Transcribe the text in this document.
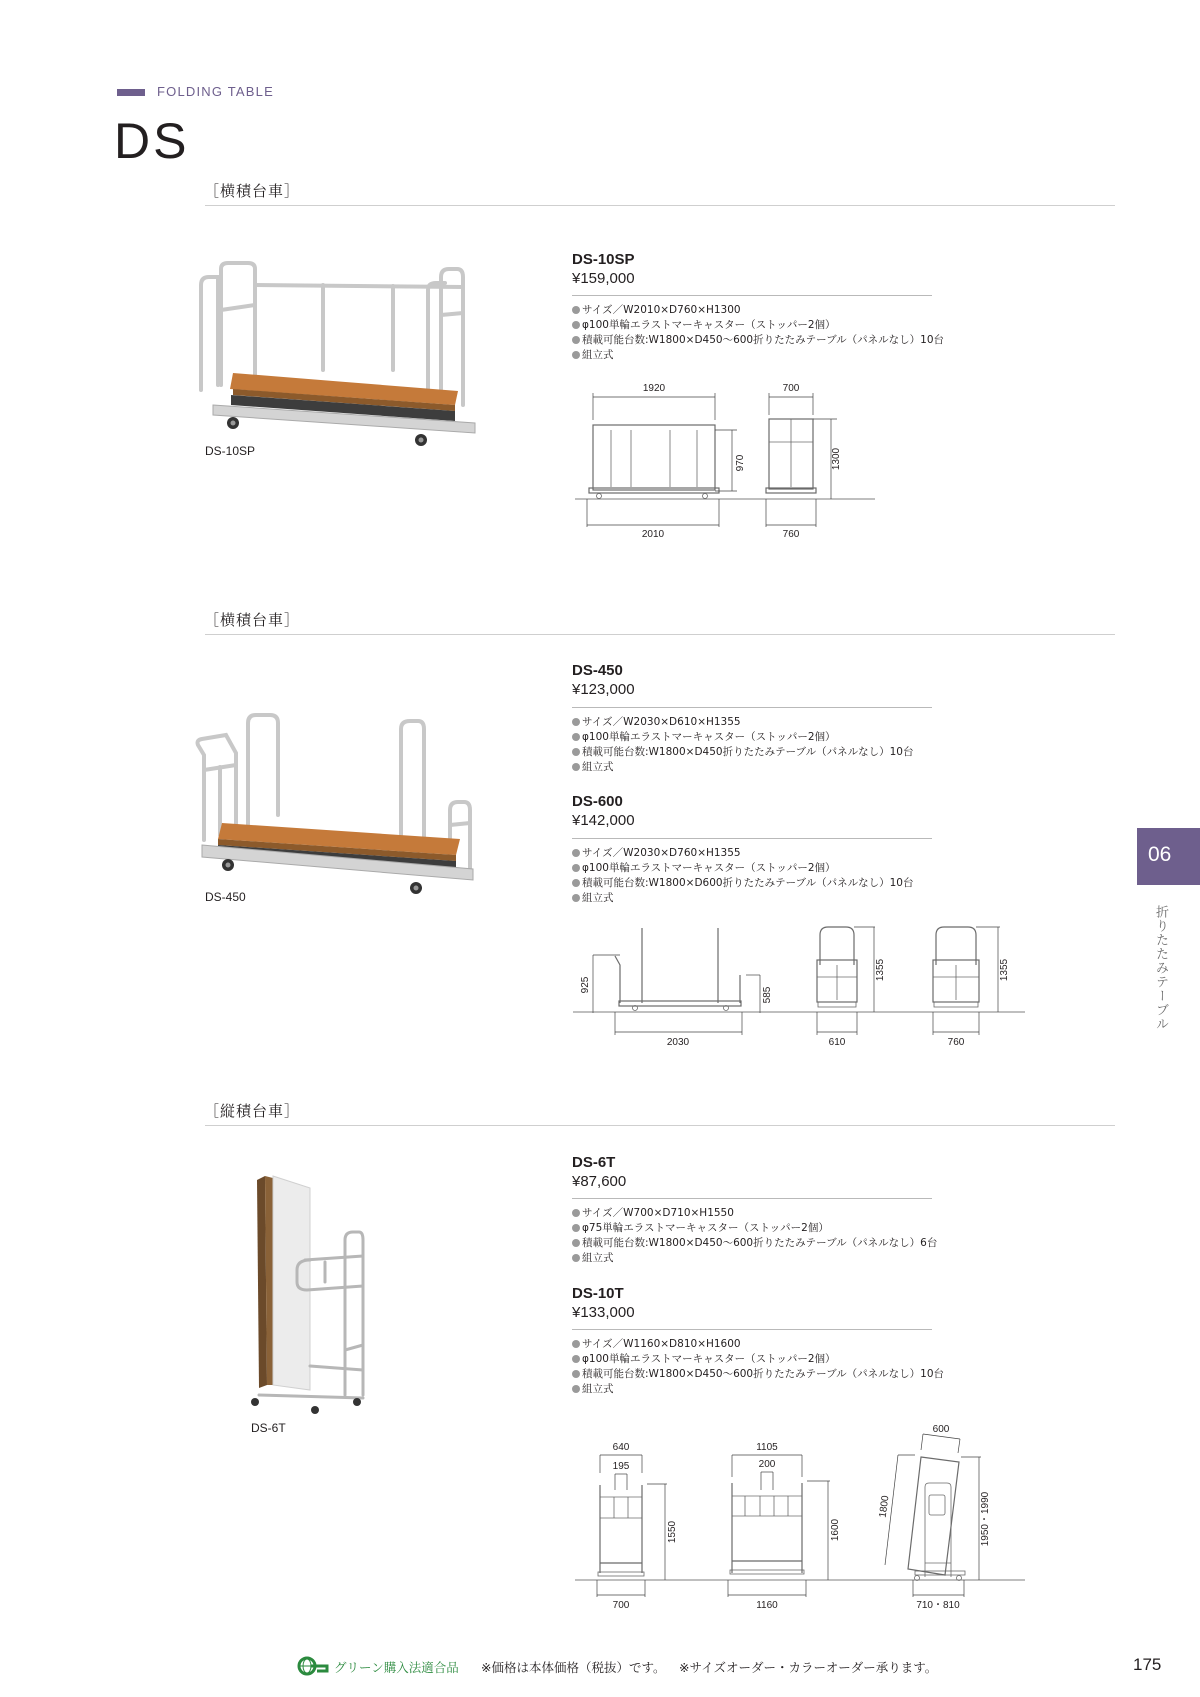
FOLDING TABLE
DS
［横積台車］
DS-10SP
DS-10SP
¥159,000
サイズ／W2010×D760×H1300
φ100単輪エラストマーキャスター（ストッパー2個）
積載可能台数:W1800×D450〜600折りたたみテーブル（パネルなし）10台
組立式
1920
970
2010
700
1300
760
［横積台車］
DS-450
DS-450
¥123,000
サイズ／W2030×D610×H1355
φ100単輪エラストマーキャスター（ストッパー2個）
積載可能台数:W1800×D450折りたたみテーブル（パネルなし）10台
組立式
DS-600
¥142,000
サイズ／W2030×D760×H1355
φ100単輪エラストマーキャスター（ストッパー2個）
積載可能台数:W1800×D600折りたたみテーブル（パネルなし）10台
組立式
925
585
2030
1355
610
1355
760
［縦積台車］
DS-6T
DS-6T
¥87,600
サイズ／W700×D710×H1550
φ75単輪エラストマーキャスター（ストッパー2個）
積載可能台数:W1800×D450〜600折りたたみテーブル（パネルなし）6台
組立式
DS-10T
¥133,000
サイズ／W1160×D810×H1600
φ100単輪エラストマーキャスター（ストッパー2個）
積載可能台数:W1800×D450〜600折りたたみテーブル（パネルなし）10台
組立式
640
195
1550
700
1105
200
1600
1160
600
1800	1950・1990
710・810
06
折りたたみテーブル
グリーン購入法適合品 ※価格は本体価格（税抜）です。 ※サイズオーダー・カラーオーダー承ります。	175
